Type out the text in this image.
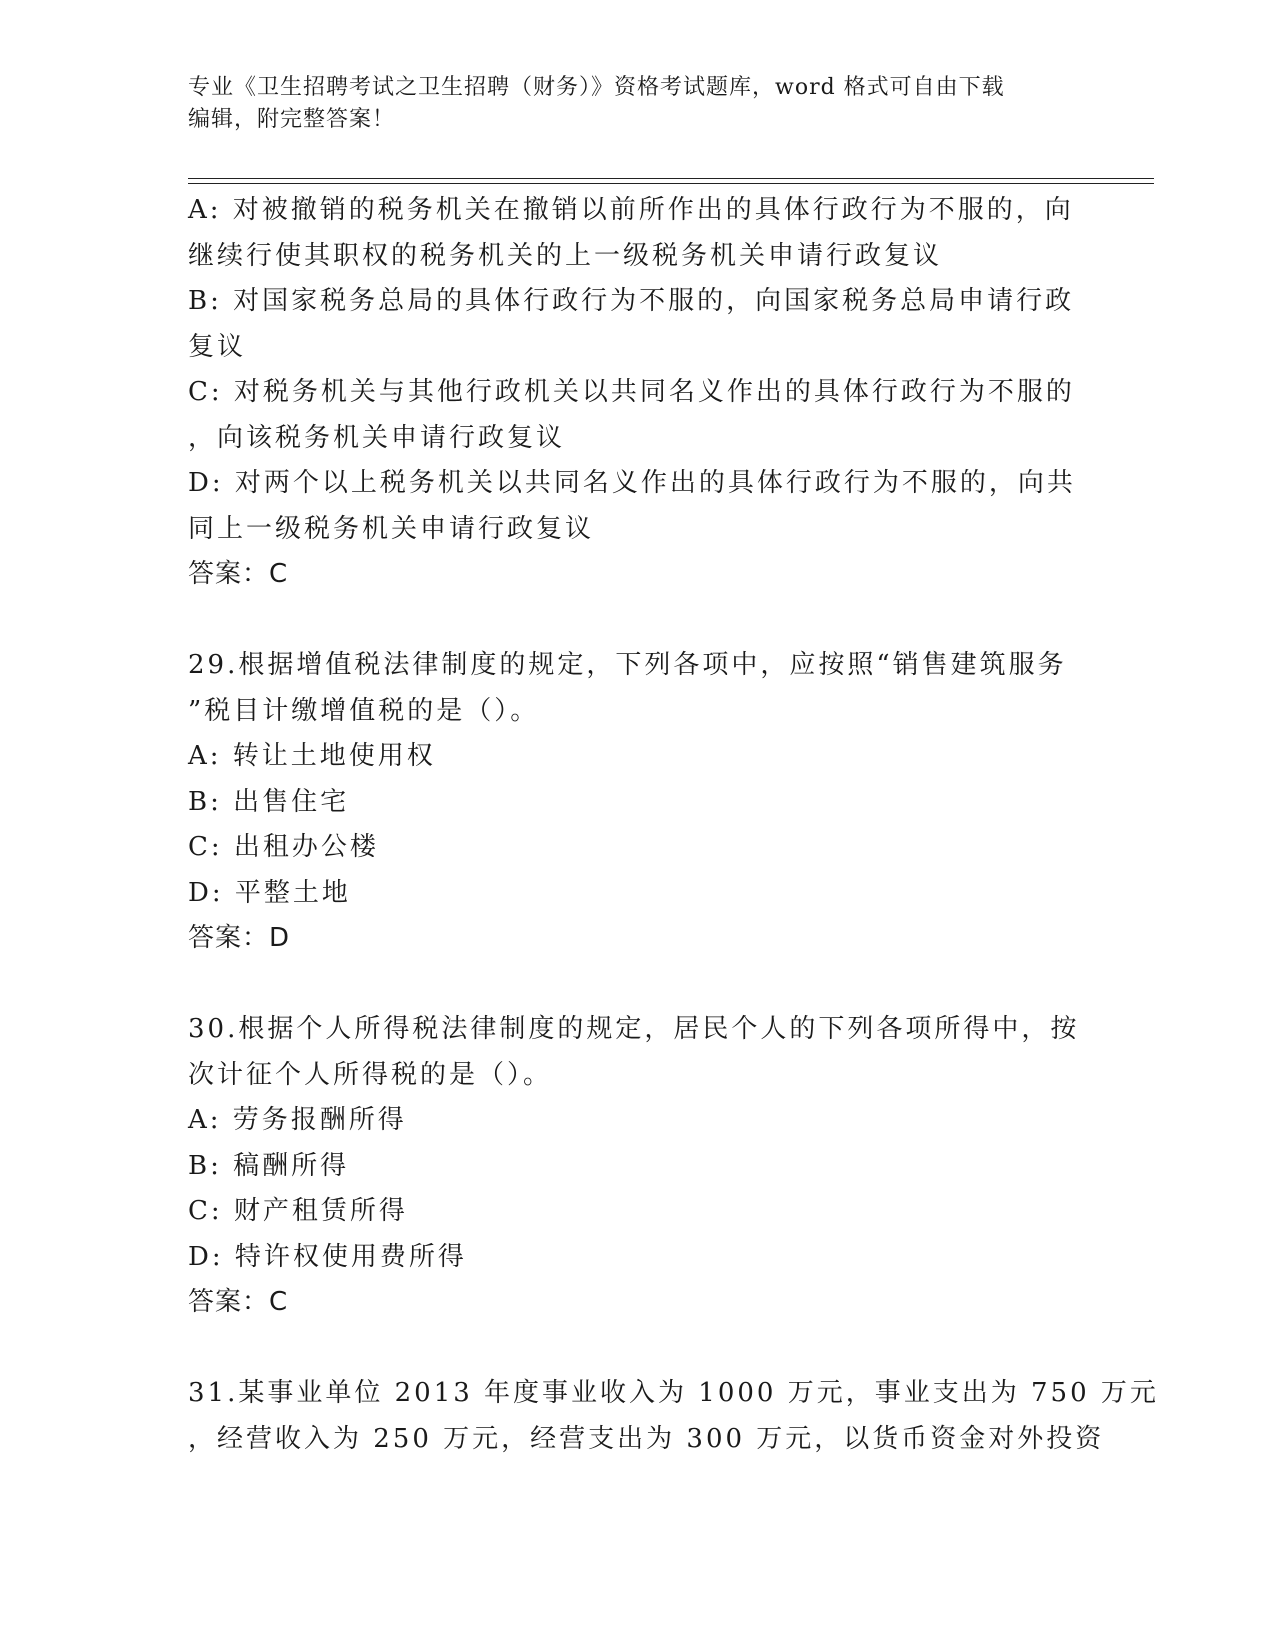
专业《卫生招聘考试之卫生招聘（财务）》资格考试题库，word 格式可自由下载
编辑，附完整答案！
A: 对被撤销的税务机关在撤销以前所作出的具体行政行为不服的，向
继续行使其职权的税务机关的上一级税务机关申请行政复议
B: 对国家税务总局的具体行政行为不服的，向国家税务总局申请行政
复议
C: 对税务机关与其他行政机关以共同名义作出的具体行政行为不服的
，向该税务机关申请行政复议
D: 对两个以上税务机关以共同名义作出的具体行政行为不服的，向共
同上一级税务机关申请行政复议
答案：C
29.根据增值税法律制度的规定，下列各项中，应按照“销售建筑服务
”税目计缴增值税的是（）。
A: 转让土地使用权
B: 出售住宅
C: 出租办公楼
D: 平整土地
答案：D
30.根据个人所得税法律制度的规定，居民个人的下列各项所得中，按
次计征个人所得税的是（）。
A: 劳务报酬所得
B: 稿酬所得
C: 财产租赁所得
D: 特许权使用费所得
答案：C
31.某事业单位 2013 年度事业收入为 1000 万元，事业支出为 750 万元
，经营收入为 250 万元，经营支出为 300 万元，以货币资金对外投资
